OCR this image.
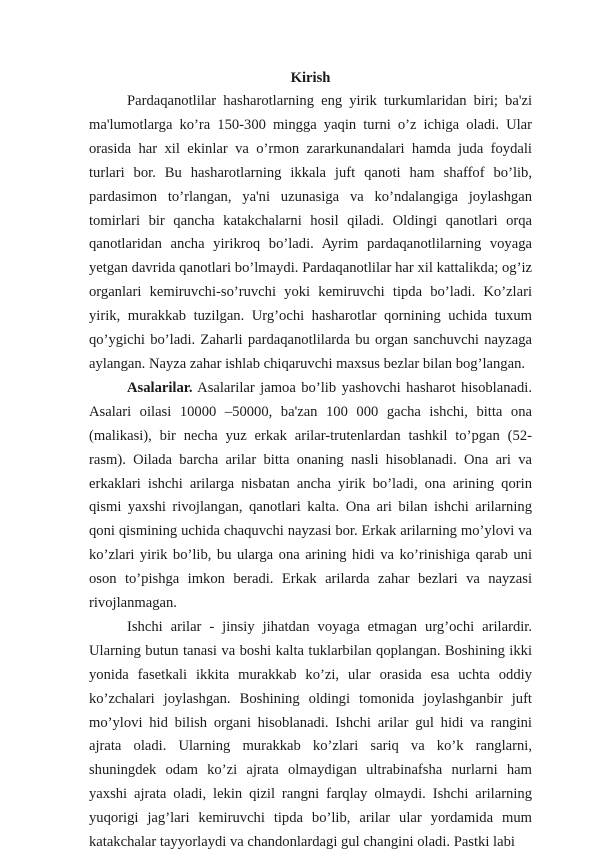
Kirish

Pardaqanotlilar hasharotlarning eng yirik turkumlaridan biri; ba'zi ma'lumotlarga ko’ra 150-300 mingga yaqin turni o’z ichiga oladi. Ular orasida har xil ekinlar va o’rmon zararkunandalari hamda juda foydali turlari bor. Bu hasharotlarning ikkala juft qanoti ham shaffof bo’lib, pardasimon to’rlangan, ya'ni uzunasiga va ko’ndalangiga joylashgan tomirlari bir qancha katakchalarni hosil qiladi. Oldingi qanotlari orqa qanotlaridan ancha yirikroq bo’ladi. Ayrim pardaqanotlilarning voyaga yetgan davrida qanotlari bo’lmaydi. Pardaqanotlilar har xil kattalikda; og’iz organlari kemiruvchi-so’ruvchi yoki kemiruvchi tipda bo’ladi. Ko’zlari yirik, murakkab tuzilgan. Urg’ochi hasharotlar qornining uchida tuxum qo’ygichi bo’ladi. Zaharli pardaqanotlilarda bu organ sanchuvchi nayzaga aylangan. Nayza zahar ishlab chiqaruvchi maxsus bezlar bilan bog’langan.

Asalarilar. Asalarilar jamoa bo’lib yashovchi hasharot hisoblanadi. Asalari oilasi 10000 –50000, ba'zan 100 000 gacha ishchi, bitta ona (malikasi), bir necha yuz erkak arilar-trutenlardan tashkil to’pgan (52-rasm). Oilada barcha arilar bitta onaning nasli hisoblanadi. Ona ari va erkaklari ishchi arilarga nisbatan ancha yirik bo’ladi, ona arining qorin qismi yaxshi rivojlangan, qanotlari kalta. Ona ari bilan ishchi arilarning qoni qismining uchida chaquvchi nayzasi bor. Erkak arilarning mo’ylovi va ko’zlari yirik bo’lib, bu ularga ona arining hidi va ko’rinishiga qarab uni oson to’pishga imkon beradi. Erkak arilarda zahar bezlari va nayzasi rivojlanmagan.

Ishchi arilar - jinsiy jihatdan voyaga etmagan urg’ochi arilardir. Ularning butun tanasi va boshi kalta tuklarbilan qoplangan. Boshining ikki yonida fasetkali ikkita murakkab ko’zi, ular orasida esa uchta oddiy ko’zchalari joylashgan. Boshining oldingi tomonida joylashganbir juft mo’ylovi hid bilish organi hisoblanadi. Ishchi arilar gul hidi va rangini ajrata oladi. Ularning murakkab ko’zlari sariq va ko’k ranglarni, shuningdek odam ko’zi ajrata olmaydigan ultrabinafsha nurlarni ham yaxshi ajrata oladi, lekin qizil rangni farqlay olmaydi. Ishchi arilarning yuqorigi jag’lari kemiruvchi tipda bo’lib, arilar ular yordamida mum katakchalar tayyorlaydi va chandonlardagi gul changini oladi. Pastki labi
